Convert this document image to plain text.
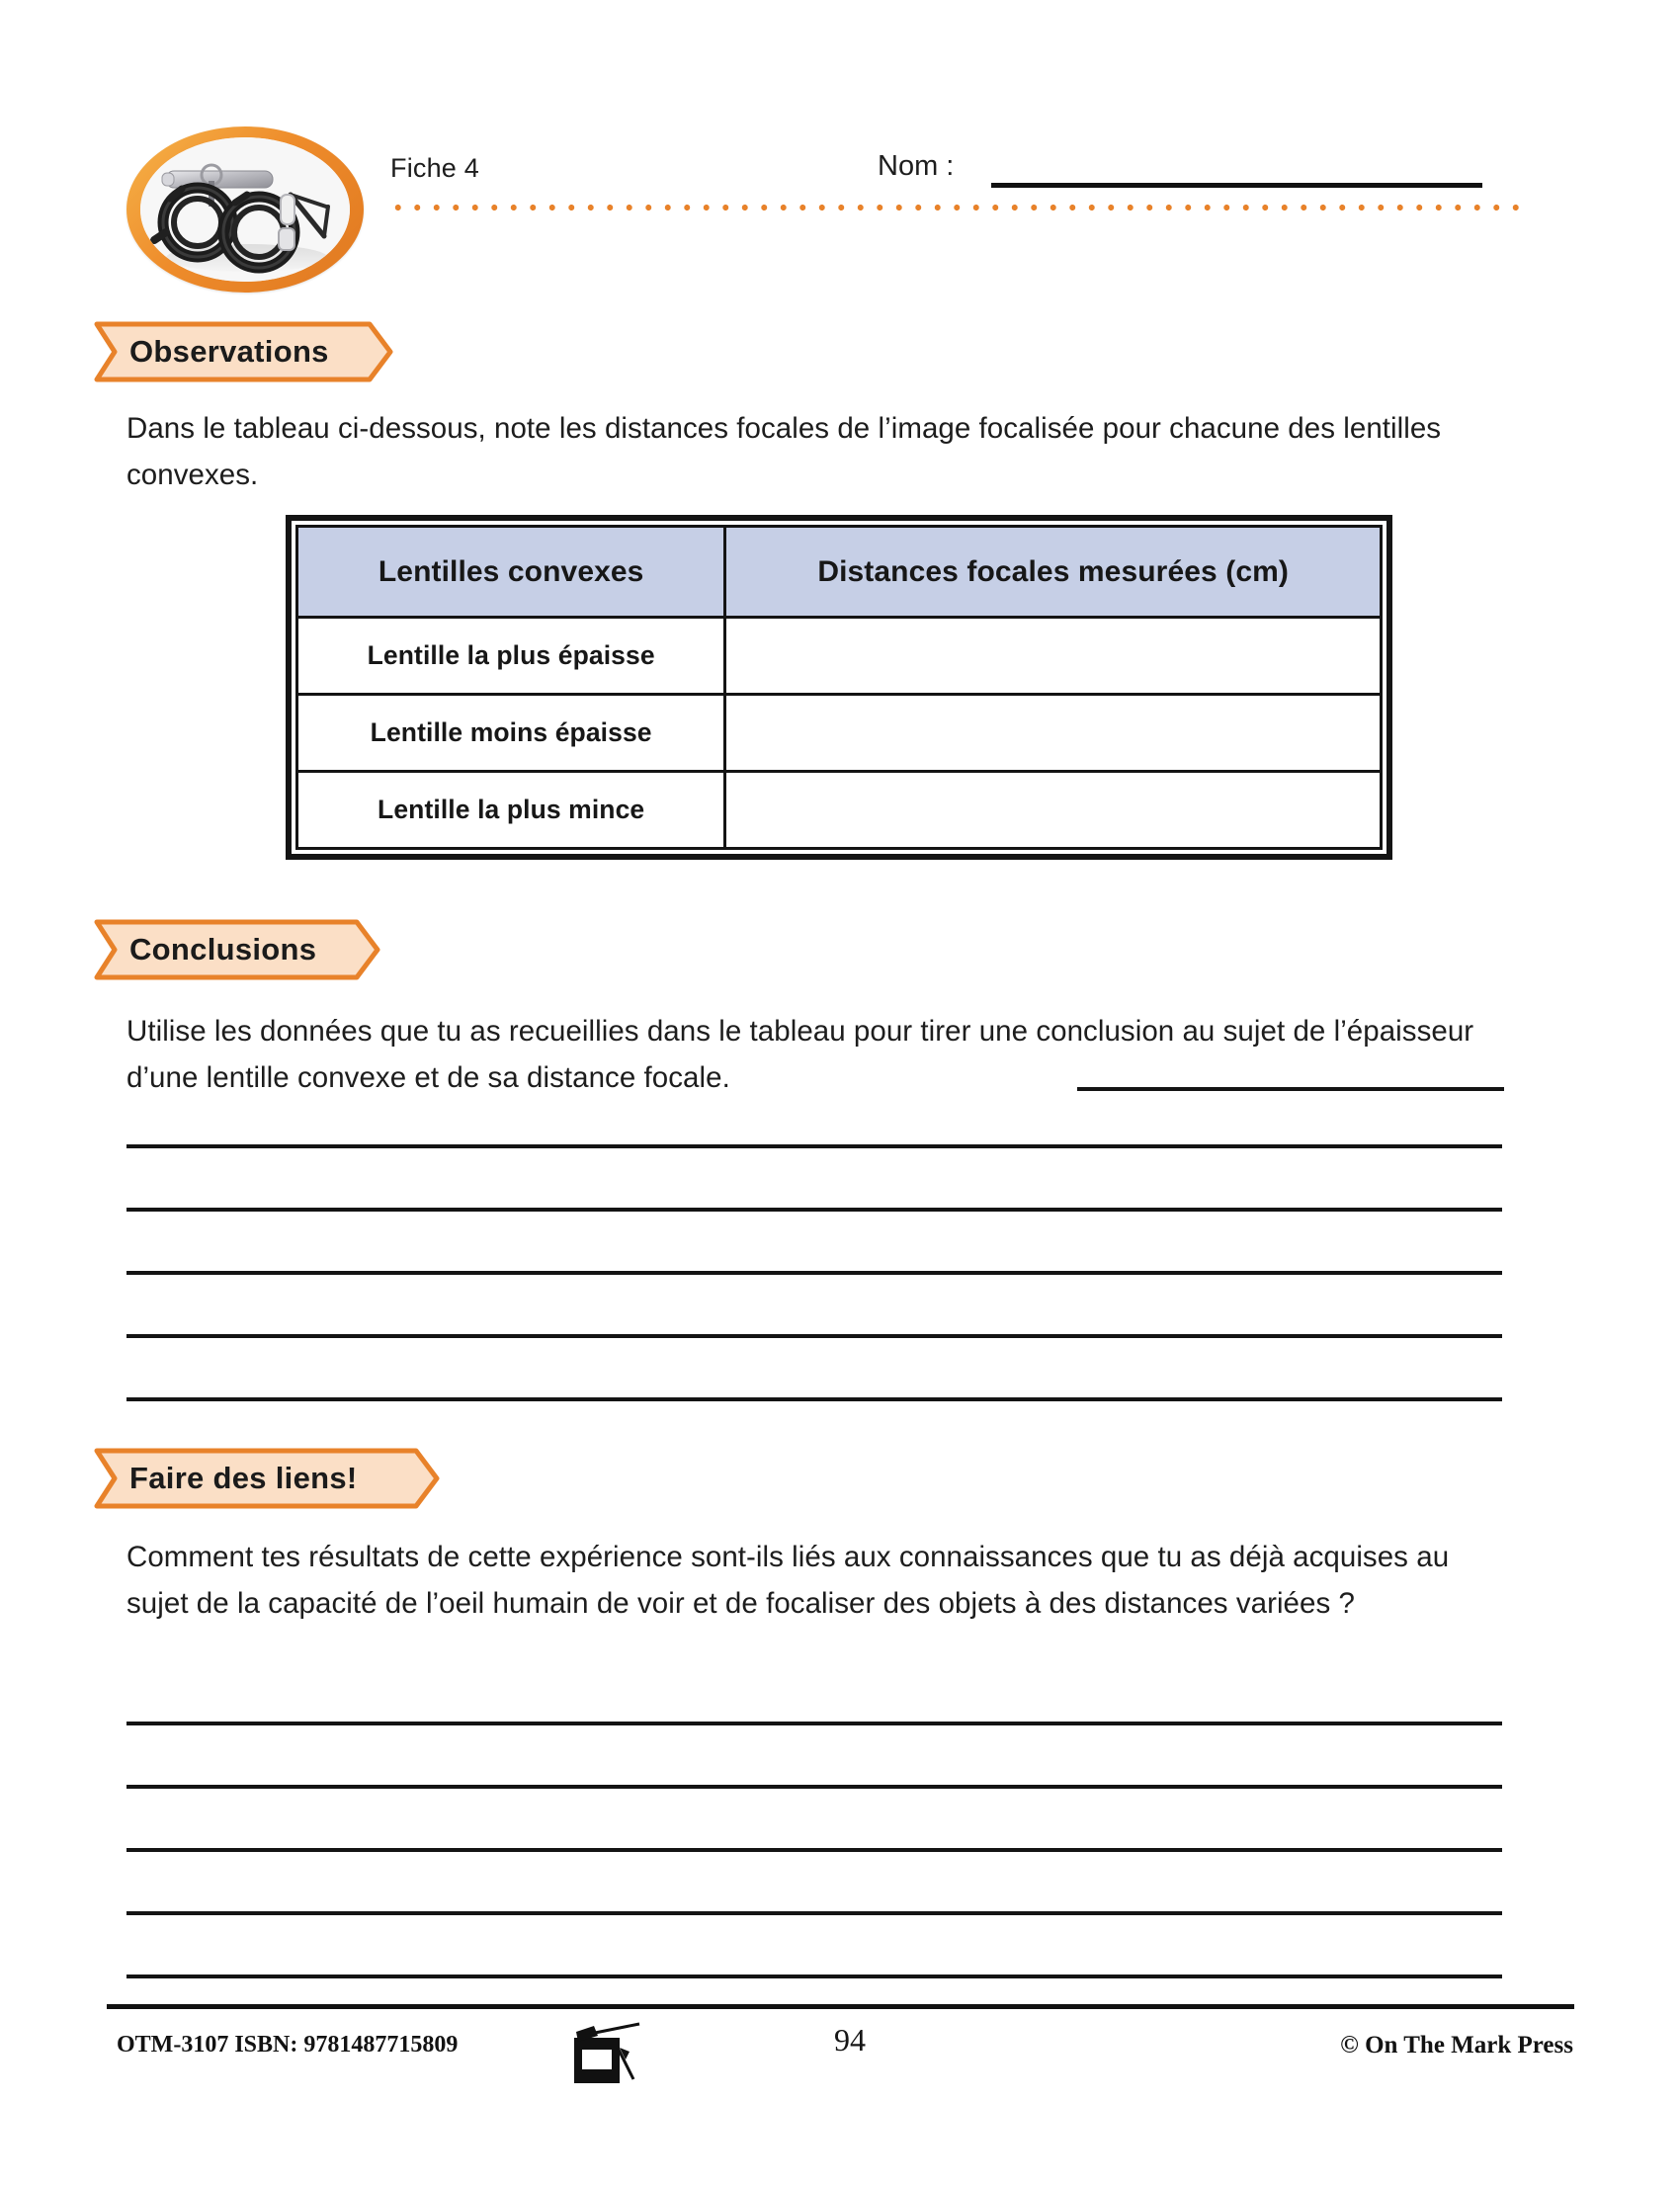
Fiche 4	Nom :
Observations
Dans le tableau ci-dessous, note les distances focales de l’image focalisée pour chacune des lentilles convexes.
Lentilles convexes	Distances focales mesurées (cm)
Lentille la plus épaisse	
Lentille moins épaisse	
Lentille la plus mince	
Conclusions
Utilise les données que tu as recueillies dans le tableau pour tirer une conclusion au sujet de l’épaisseur d’une lentille convexe et de sa distance focale.
Faire des liens!
Comment tes résultats de cette expérience sont-ils liés aux connaissances que tu as déjà acquises au sujet de la capacité de l’oeil humain de voir et de focaliser des objets à des distances variées ?
OTM-3107 ISBN: 9781487715809	94	© On The Mark Press
